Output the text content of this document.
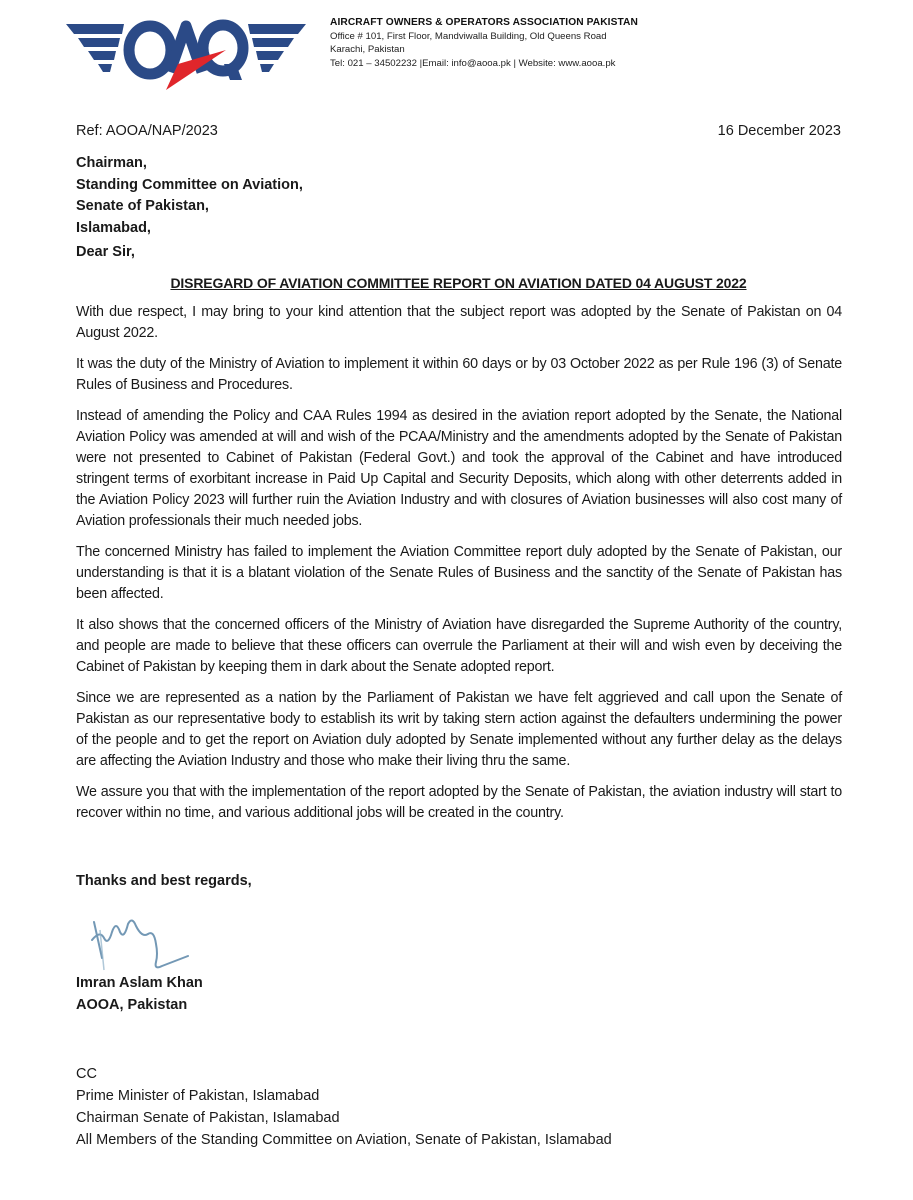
AIRCRAFT OWNERS & OPERATORS ASSOCIATION PAKISTAN
Office # 101, First Floor, Mandviwalla Building, Old Queens Road
Karachi, Pakistan
Tel: 021 – 34502232 |Email: info@aooa.pk | Website: www.aooa.pk
Ref: AOOA/NAP/2023	16 December 2023
Chairman,
Standing Committee on Aviation,
Senate of Pakistan,
Islamabad,
Dear Sir,
DISREGARD OF AVIATION COMMITTEE REPORT ON AVIATION DATED 04 AUGUST 2022

With due respect, I may bring to your kind attention that the subject report was adopted by the Senate of Pakistan on 04 August 2022.

It was the duty of the Ministry of Aviation to implement it within 60 days or by 03 October 2022 as per Rule 196 (3) of Senate Rules of Business and Procedures.

Instead of amending the Policy and CAA Rules 1994 as desired in the aviation report adopted by the Senate, the National Aviation Policy was amended at will and wish of the PCAA/Ministry and the amendments adopted by the Senate of Pakistan were not presented to Cabinet of Pakistan (Federal Govt.) and took the approval of the Cabinet and have introduced stringent terms of exorbitant increase in Paid Up Capital and Security Deposits, which along with other deterrents added in the Aviation Policy 2023 will further ruin the Aviation Industry and with closures of Aviation businesses will also cost many of Aviation professionals their much needed jobs.

The concerned Ministry has failed to implement the Aviation Committee report duly adopted by the Senate of Pakistan, our understanding is that it is a blatant violation of the Senate Rules of Business and the sanctity of the Senate of Pakistan has been affected.

It also shows that the concerned officers of the Ministry of Aviation have disregarded the Supreme Authority of the country, and people are made to believe that these officers can overrule the Parliament at their will and wish even by deceiving the Cabinet of Pakistan by keeping them in dark about the Senate adopted report.

Since we are represented as a nation by the Parliament of Pakistan we have felt aggrieved and call upon the Senate of Pakistan as our representative body to establish its writ by taking stern action against the defaulters undermining the power of the people and to get the report on Aviation duly adopted by Senate implemented without any further delay as the delays are affecting the Aviation Industry and those who make their living thru the same.

We assure you that with the implementation of the report adopted by the Senate of Pakistan, the aviation industry will start to recover within no time, and various additional jobs will be created in the country.

Thanks and best regards,
Imran Aslam Khan
AOOA, Pakistan
CC
Prime Minister of Pakistan, Islamabad
Chairman Senate of Pakistan, Islamabad
All Members of the Standing Committee on Aviation, Senate of Pakistan, Islamabad
